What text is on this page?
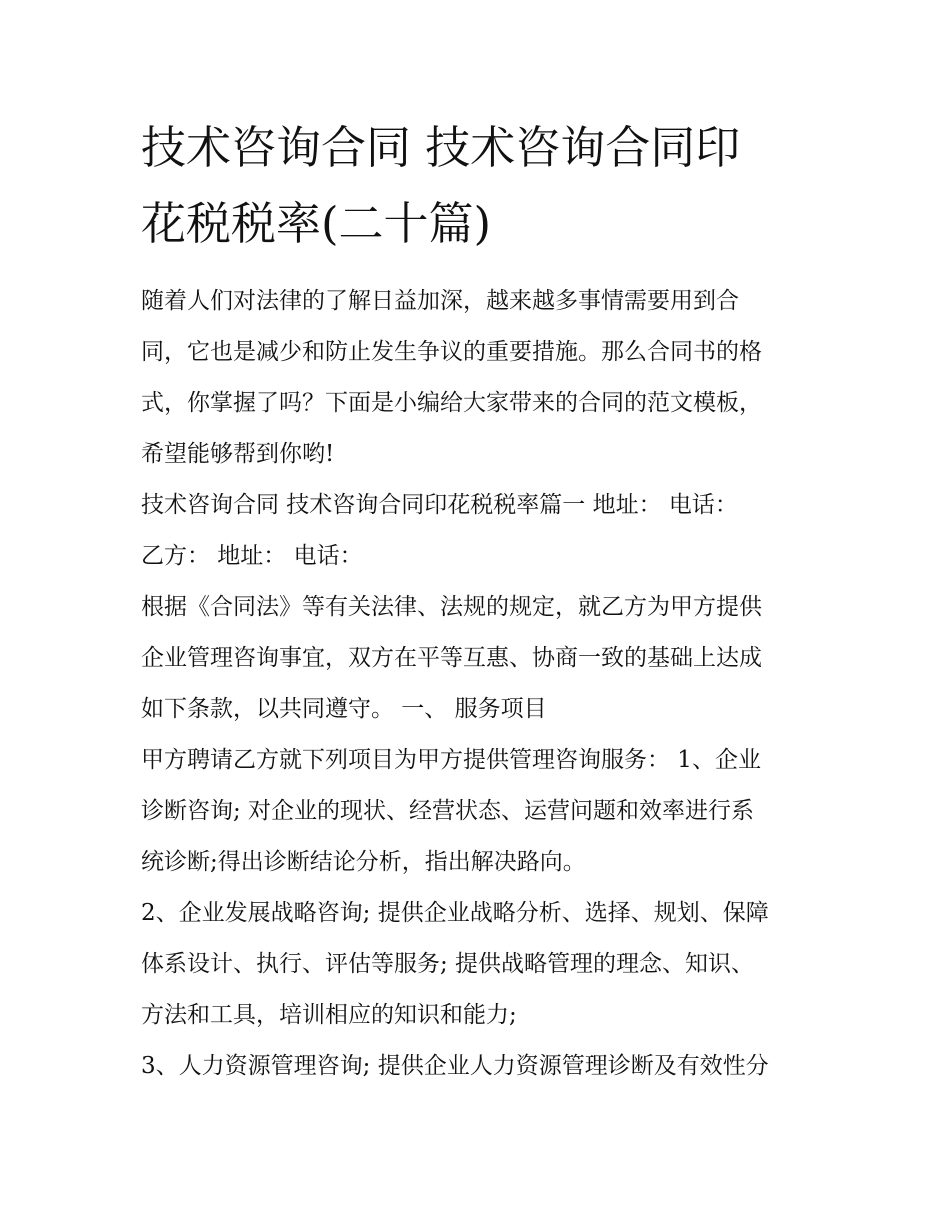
技术咨询合同 技术咨询合同印
花税税率(二十篇)

随着人们对法律的了解日益加深，越来越多事情需要用到合
同，它也是减少和防止发生争议的重要措施。那么合同书的格
式，你掌握了吗？下面是小编给大家带来的合同的范文模板，
希望能够帮到你哟!

技术咨询合同 技术咨询合同印花税税率篇一 地址： 电话：
乙方： 地址： 电话：

根据《合同法》等有关法律、法规的规定，就乙方为甲方提供
企业管理咨询事宜，双方在平等互惠、协商一致的基础上达成
如下条款，以共同遵守。 一、 服务项目

甲方聘请乙方就下列项目为甲方提供管理咨询服务： 1、企业
诊断咨询; 对企业的现状、经营状态、运营问题和效率进行系
统诊断;得出诊断结论分析，指出解决路向。

2、企业发展战略咨询; 提供企业战略分析、选择、规划、保障
体系设计、执行、评估等服务; 提供战略管理的理念、知识、
方法和工具，培训相应的知识和能力;

3、人力资源管理咨询; 提供企业人力资源管理诊断及有效性分
